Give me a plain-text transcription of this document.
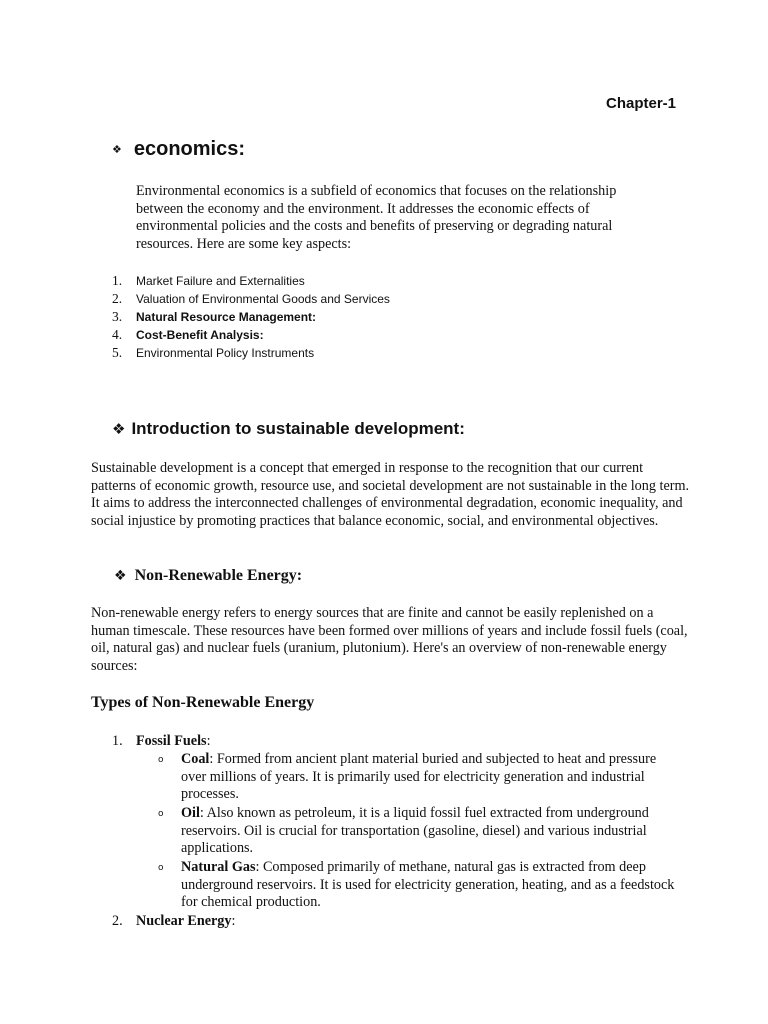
Chapter-1
❖ economics:

Environmental economics is a subfield of economics that focuses on the relationship between the economy and the environment. It addresses the economic effects of environmental policies and the costs and benefits of preserving or degrading natural resources. Here are some key aspects:

1.	Market Failure and Externalities
2.	Valuation of Environmental Goods and Services
3.	Natural Resource Management:
4.	Cost-Benefit Analysis:
5.	Environmental Policy Instruments
❖ Introduction to sustainable development:

Sustainable development is a concept that emerged in response to the recognition that our current patterns of economic growth, resource use, and societal development are not sustainable in the long term. It aims to address the interconnected challenges of environmental degradation, economic inequality, and social injustice by promoting practices that balance economic, social, and environmental objectives.

❖ Non-Renewable Energy:

Non-renewable energy refers to energy sources that are finite and cannot be easily replenished on a human timescale. These resources have been formed over millions of years and include fossil fuels (coal, oil, natural gas) and nuclear fuels (uranium, plutonium). Here's an overview of non-renewable energy sources:

Types of Non-Renewable Energy
1. Fossil Fuels:
o	Coal: Formed from ancient plant material buried and subjected to heat and pressure over millions of years. It is primarily used for electricity generation and industrial processes.
o	Oil: Also known as petroleum, it is a liquid fossil fuel extracted from underground reservoirs. Oil is crucial for transportation (gasoline, diesel) and various industrial applications.
o	Natural Gas: Composed primarily of methane, natural gas is extracted from deep underground reservoirs. It is used for electricity generation, heating, and as a feedstock for chemical production.
2. Nuclear Energy:
